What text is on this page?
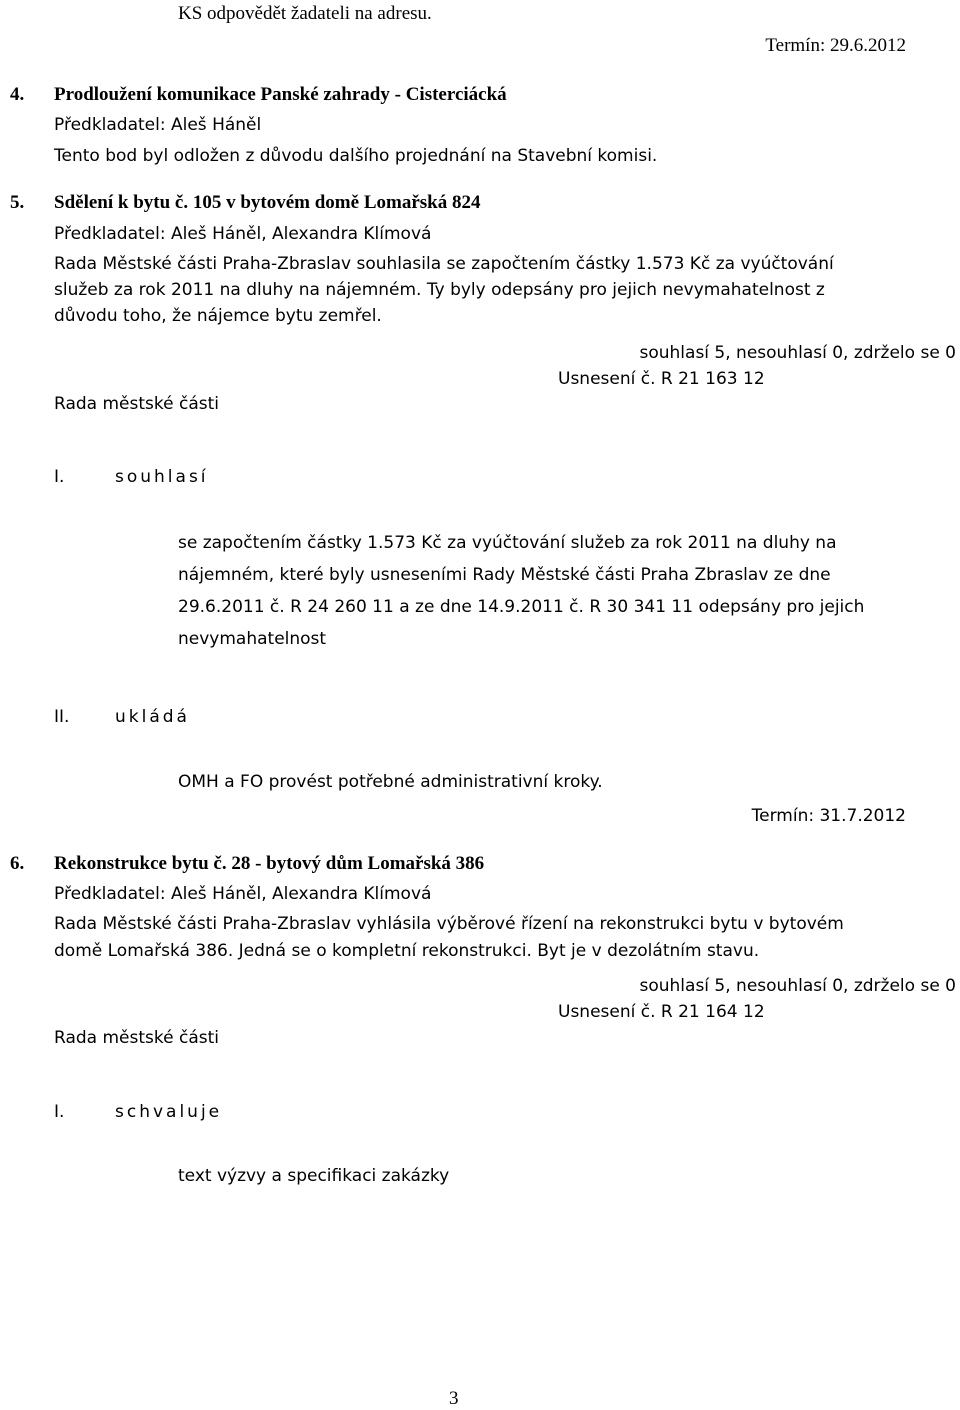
KS odpovědět žadateli na adresu.
Termín: 29.6.2012
4. Prodloužení komunikace Panské zahrady - Cisterciácká
Předkladatel: Aleš Háněl
Tento bod byl odložen z důvodu dalšího projednání na Stavební komisi.
5. Sdělení k bytu č. 105 v bytovém domě Lomařská 824
Předkladatel: Aleš Háněl, Alexandra Klímová
Rada Městské části Praha-Zbraslav souhlasila se započtením částky 1.573 Kč za vyúčtování
služeb za rok 2011 na dluhy na nájemném. Ty byly odepsány pro jejich nevymahatelnost z
důvodu toho, že nájemce bytu zemřel.
souhlasí 5, nesouhlasí 0, zdrželo se 0
Usnesení č. R 21 163 12
Rada městské části
I.	souhlasí
se započtením částky 1.573 Kč za vyúčtování služeb za rok 2011 na dluhy na
nájemném, které byly usneseními Rady Městské části Praha Zbraslav ze dne
29.6.2011 č. R 24 260 11 a ze dne 14.9.2011 č. R 30 341 11 odepsány pro jejich
nevymahatelnost
II.	ukládá
OMH a FO provést potřebné administrativní kroky.
Termín: 31.7.2012
6. Rekonstrukce bytu č. 28 - bytový dům Lomařská 386
Předkladatel: Aleš Háněl, Alexandra Klímová
Rada Městské části Praha-Zbraslav vyhlásila výběrové řízení na rekonstrukci bytu v bytovém
domě Lomařská 386. Jedná se o kompletní rekonstrukci. Byt je v dezolátním stavu.
souhlasí 5, nesouhlasí 0, zdrželo se 0
Usnesení č. R 21 164 12
Rada městské části
I.	schvaluje
text výzvy a specifikaci zakázky
3
